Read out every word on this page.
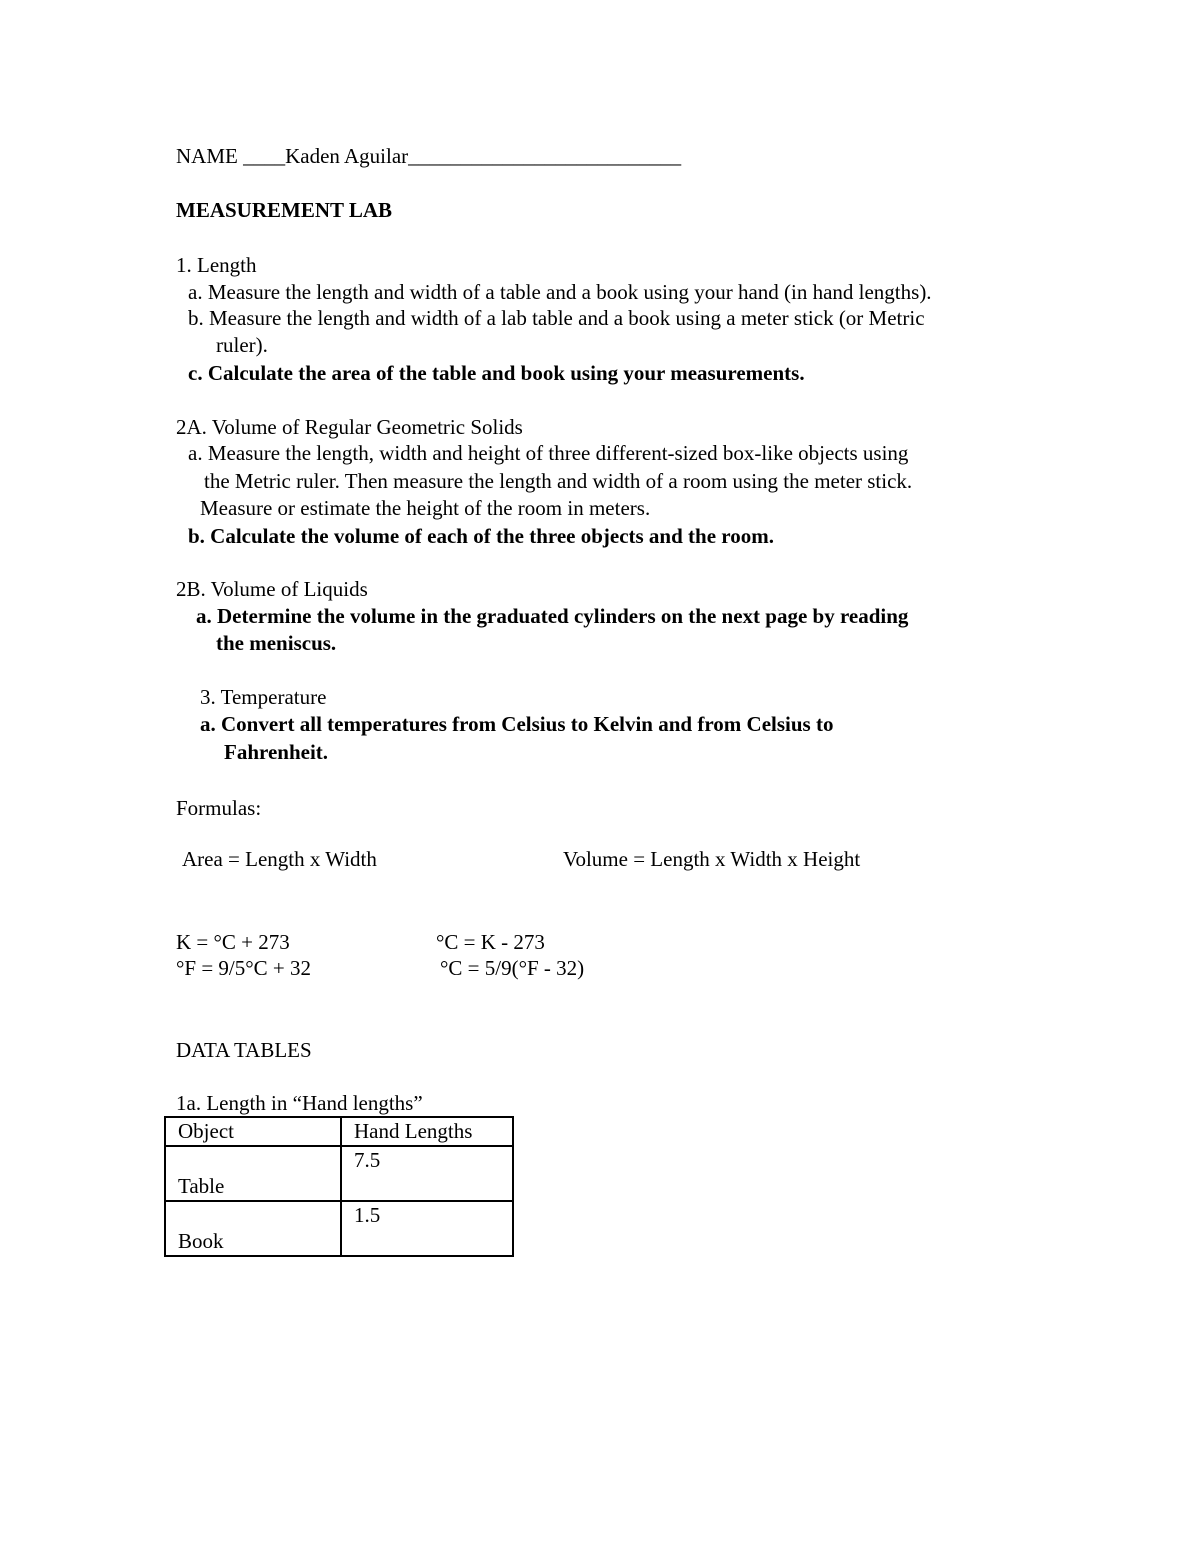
NAME ____Kaden Aguilar__________________________
MEASUREMENT LAB
1. Length
a. Measure the length and width of a table and a book using your hand (in hand lengths).
b. Measure the length and width of a lab table and a book using a meter stick (or Metric
ruler).
c. Calculate the area of the table and book using your measurements.
2A. Volume of Regular Geometric Solids
a. Measure the length, width and height of three different-sized box-like objects using
the Metric ruler. Then measure the length and width of a room using the meter stick.
Measure or estimate the height of the room in meters.
b. Calculate the volume of each of the three objects and the room.
2B. Volume of Liquids
a. Determine the volume in the graduated cylinders on the next page by reading
the meniscus.
3. Temperature
a. Convert all temperatures from Celsius to Kelvin and from Celsius to
Fahrenheit.
Formulas:
Area = Length x Width	Volume = Length x Width x Height
K = °C + 273	°C = K - 273
°F = 9/5°C + 32	°C = 5/9(°F - 32)
DATA TABLES
1a. Length in “Hand lengths”
Object	Hand Lengths

Table	7.5

Book	1.5
